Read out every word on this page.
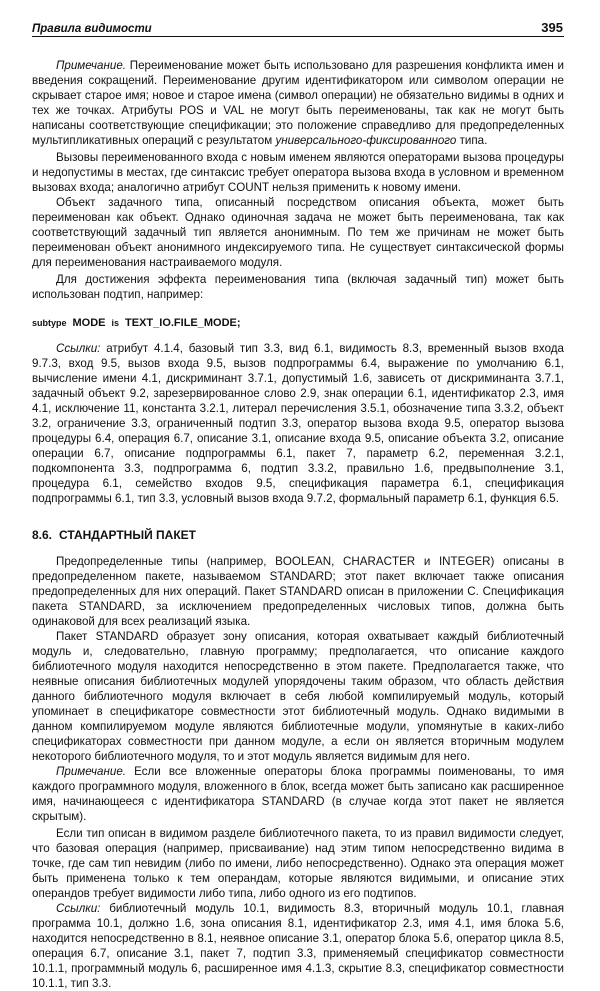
Правила видимости	395

Примечание. Переименование может быть использовано для разрешения конфликта имен и введения сокращений. Переименование другим идентификатором или символом операции не скрывает старое имя; новое и старое имена (символ операции) не обязательно видимы в одних и тех же точках. Атрибуты POS и VAL не могут быть переименованы, так как не могут быть написаны соответствующие спецификации; это положение справедливо для предопределенных мультипликативных операций с результатом универсального-фиксированного типа.

Вызовы переименованного входа с новым именем являются операторами вызова процедуры и недопустимы в местах, где синтаксис требует оператора вызова входа в условном и временном вызовах входа; аналогично атрибут COUNT нельзя применить к новому имени.

Объект задачного типа, описанный посредством описания объекта, может быть переименован как объект. Однако одиночная задача не может быть переименована, так как соответствующий задачный тип является анонимным. По тем же причинам не может быть переименован объект анонимного индексируемого типа. Не существует синтаксической формы для переименования настраиваемого модуля.

Для достижения эффекта переименования типа (включая задачный тип) может быть использован подтип, например:

subtype MODE is TEXT_IO.FILE_MODE;

Ссылки: атрибут 4.1.4, базовый тип 3.3, вид 6.1, видимость 8.3, временный вызов входа 9.7.3, вход 9.5, вызов входа 9.5, вызов подпрограммы 6.4, выражение по умолчанию 6.1, вычисление имени 4.1, дискриминант 3.7.1, допустимый 1.6, зависеть от дискриминанта 3.7.1, задачный объект 9.2, зарезервированное слово 2.9, знак операции 6.1, идентификатор 2.3, имя 4.1, исключение 11, константа 3.2.1, литерал перечисления 3.5.1, обозначение типа 3.3.2, объект 3.2, ограничение 3.3, ограниченный подтип 3.3, оператор вызова входа 9.5, оператор вызова процедуры 6.4, операция 6.7, описание 3.1, описание входа 9.5, описание объекта 3.2, описание операции 6.7, описание подпрограммы 6.1, пакет 7, параметр 6.2, переменная 3.2.1, подкомпонента 3.3, подпрограмма 6, подтип 3.3.2, правильно 1.6, предвыполнение 3.1, процедура 6.1, семейство входов 9.5, спецификация параметра 6.1, спецификация подпрограммы 6.1, тип 3.3, условный вызов входа 9.7.2, формальный параметр 6.1, функция 6.5.

8.6. СТАНДАРТНЫЙ ПАКЕТ

Предопределенные типы (например, BOOLEAN, CHARACTER и INTEGER) описаны в предопределенном пакете, называемом STANDARD; этот пакет включает также описания предопределенных для них операций. Пакет STANDARD описан в приложении С. Спецификация пакета STANDARD, за исключением предопределенных числовых типов, должна быть одинаковой для всех реализаций языка.

Пакет STANDARD образует зону описания, которая охватывает каждый библиотечный модуль и, следовательно, главную программу; предполагается, что описание каждого библиотечного модуля находится непосредственно в этом пакете. Предполагается также, что неявные описания библиотечных модулей упорядочены таким образом, что область действия данного библиотечного модуля включает в себя любой компилируемый модуль, который упоминает в спецификаторе совместности этот библиотечный модуль. Однако видимыми в данном компилируемом модуле являются библиотечные модули, упомянутые в каких-либо спецификаторах совместности при данном модуле, а если он является вторичным модулем некоторого библиотечного модуля, то и этот модуль является видимым для него.

Примечание. Если все вложенные операторы блока программы поименованы, то имя каждого программного модуля, вложенного в блок, всегда может быть записано как расширенное имя, начинающееся с идентификатора STANDARD (в случае когда этот пакет не является скрытым).

Если тип описан в видимом разделе библиотечного пакета, то из правил видимости следует, что базовая операция (например, присваивание) над этим типом непосредственно видима в точке, где сам тип невидим (либо по имени, либо непосредственно). Однако эта операция может быть применена только к тем операндам, которые являются видимыми, и описание этих операндов требует видимости либо типа, либо одного из его подтипов.

Ссылки: библиотечный модуль 10.1, видимость 8.3, вторичный модуль 10.1, главная программа 10.1, должно 1.6, зона описания 8.1, идентификатор 2.3, имя 4.1, имя блока 5.6, находится непосредственно в 8.1, неявное описание 3.1, оператор блока 5.6, оператор цикла 8.5, операция 6.7, описание 3.1, пакет 7, подтип 3.3, применяемый спецификатор совместности 10.1.1, программный модуль 6, расширенное имя 4.1.3, скрытие 8.3, спецификатор совместности 10.1.1, тип 3.3.
